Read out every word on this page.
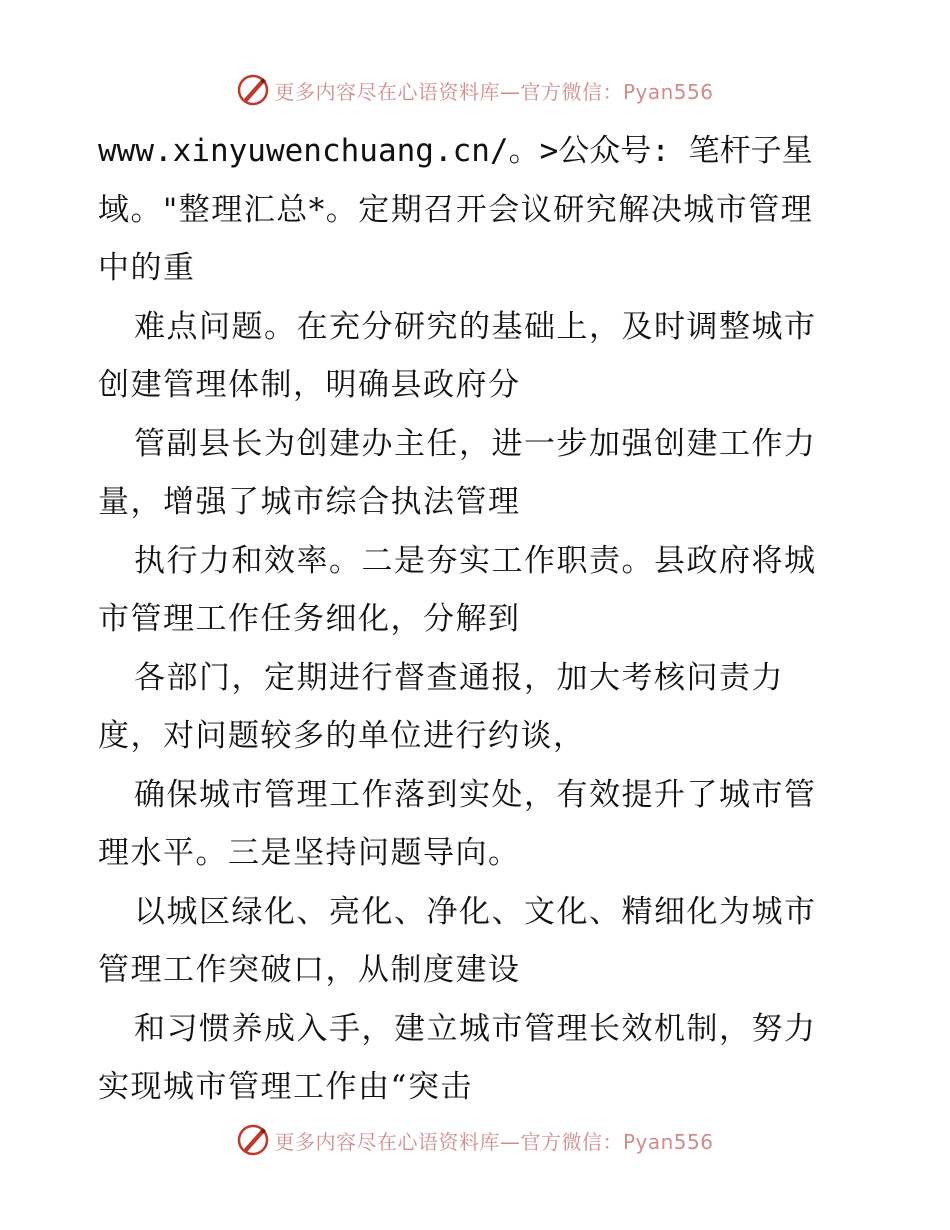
更多内容尽在心语资料库—官方微信：Pyan556
www.xinyuwenchuang.cn/。>公众号: 笔杆子星
域。"整理汇总*。定期召开会议研究解决城市管理
中的重
难点问题。在充分研究的基础上，及时调整城市
创建管理体制，明确县政府分
管副县长为创建办主任，进一步加强创建工作力
量，增强了城市综合执法管理
执行力和效率。二是夯实工作职责。县政府将城
市管理工作任务细化，分解到
各部门，定期进行督查通报，加大考核问责力
度，对问题较多的单位进行约谈，
确保城市管理工作落到实处，有效提升了城市管
理水平。三是坚持问题导向。
以城区绿化、亮化、净化、文化、精细化为城市
管理工作突破口，从制度建设
和习惯养成入手，建立城市管理长效机制，努力
实现城市管理工作由“突击
更多内容尽在心语资料库—官方微信：Pyan556
